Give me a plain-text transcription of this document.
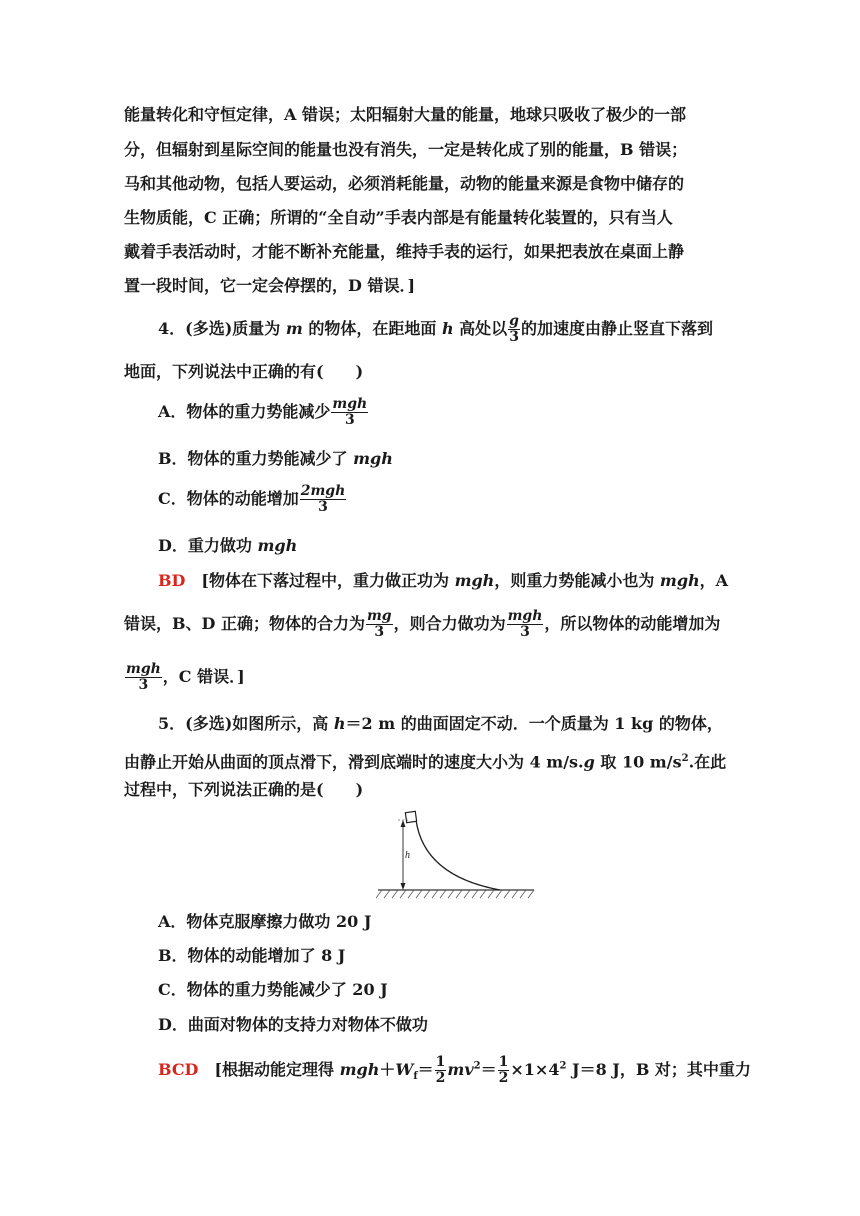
能量转化和守恒定律，A 错误；太阳辐射大量的能量，地球只吸收了极少的一部
分，但辐射到星际空间的能量也没有消失，一定是转化成了别的能量，B 错误；
马和其他动物，包括人要运动，必须消耗能量，动物的能量来源是食物中储存的
生物质能，C 正确；所谓的“全自动”手表内部是有能量转化装置的，只有当人
戴着手表活动时，才能不断补充能量，维持手表的运行，如果把表放在桌面上静
置一段时间，它一定会停摆的，D 错误．]
4．(多选)质量为 m 的物体，在距地面 h 高处以 $\frac{g}{3}$ 的加速度由静止竖直下落到
地面，下列说法中正确的有(　　)
A．物体的重力势能减少 $\frac{\text{mgh}}{3}$
B．物体的重力势能减少了 mgh
C．物体的动能增加 $\frac{\text{2mgh}}{3}$
D．重力做功 mgh
BD　[物体在下落过程中，重力做正功为 mgh，则重力势能减小也为 mgh，A
错误，B、D 正确；物体的合力为 $\frac{mg}{3}$ ，则合力做功为 $\frac{\text{mgh}}{3}$ ，所以物体的动能增加为
$\frac{\text{mgh}}{3}$ ，C 错误．]
5．(多选)如图所示，高 h＝2 m 的曲面固定不动．一个质量为 1 kg 的物体，
由静止开始从曲面的顶点滑下，滑到底端时的速度大小为 4 m/s.g 取 10 $m/s^2$.在此
过程中，下列说法正确的是(　　)
h
A．物体克服摩擦力做功 20 J
B．物体的动能增加了 8 J
C．物体的重力势能减少了 20 J
D．曲面对物体的支持力对物体不做功
BCD　[根据动能定理得 $mgh+W_f= \frac{1}{2} mv^2= \frac{1}{2} \times 1\times 4^2$ J＝8 J，B 对；其中重力
